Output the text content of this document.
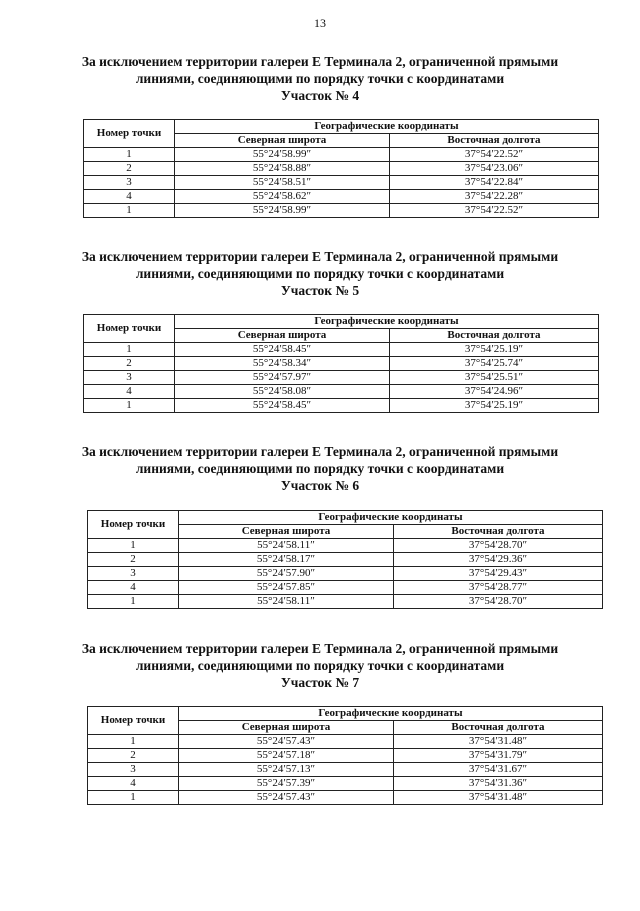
13
За исключением территории галереи Е Терминала 2, ограниченной прямыми
линиями, соединяющими по порядку точки с координатами
Участок № 4
Номер точки	Географические координаты	
	Северная широта	Восточная долгота
1	55°24′58.99″	37°54′22.52″
2	55°24′58.88″	37°54′23.06″
3	55°24′58.51″	37°54′22.84″
4	55°24′58.62″	37°54′22.28″
1	55°24′58.99″	37°54′22.52″
За исключением территории галереи Е Терминала 2, ограниченной прямыми
линиями, соединяющими по порядку точки с координатами
Участок № 5
Номер точки	Географические координаты	
	Северная широта	Восточная долгота
1	55°24′58.45″	37°54′25.19″
2	55°24′58.34″	37°54′25.74″
3	55°24′57.97″	37°54′25.51″
4	55°24′58.08″	37°54′24.96″
1	55°24′58.45″	37°54′25.19″
За исключением территории галереи Е Терминала 2, ограниченной прямыми
линиями, соединяющими по порядку точки с координатами
Участок № 6
Номер точки	Географические координаты	
	Северная широта	Восточная долгота
1	55°24′58.11″	37°54′28.70″
2	55°24′58.17″	37°54′29.36″
3	55°24′57.90″	37°54′29.43″
4	55°24′57.85″	37°54′28.77″
1	55°24′58.11″	37°54′28.70″
За исключением территории галереи Е Терминала 2, ограниченной прямыми
линиями, соединяющими по порядку точки с координатами
Участок № 7
Номер точки	Географические координаты	
	Северная широта	Восточная долгота
1	55°24′57.43″	37°54′31.48″
2	55°24′57.18″	37°54′31.79″
3	55°24′57.13″	37°54′31.67″
4	55°24′57.39″	37°54′31.36″
1	55°24′57.43″	37°54′31.48″
